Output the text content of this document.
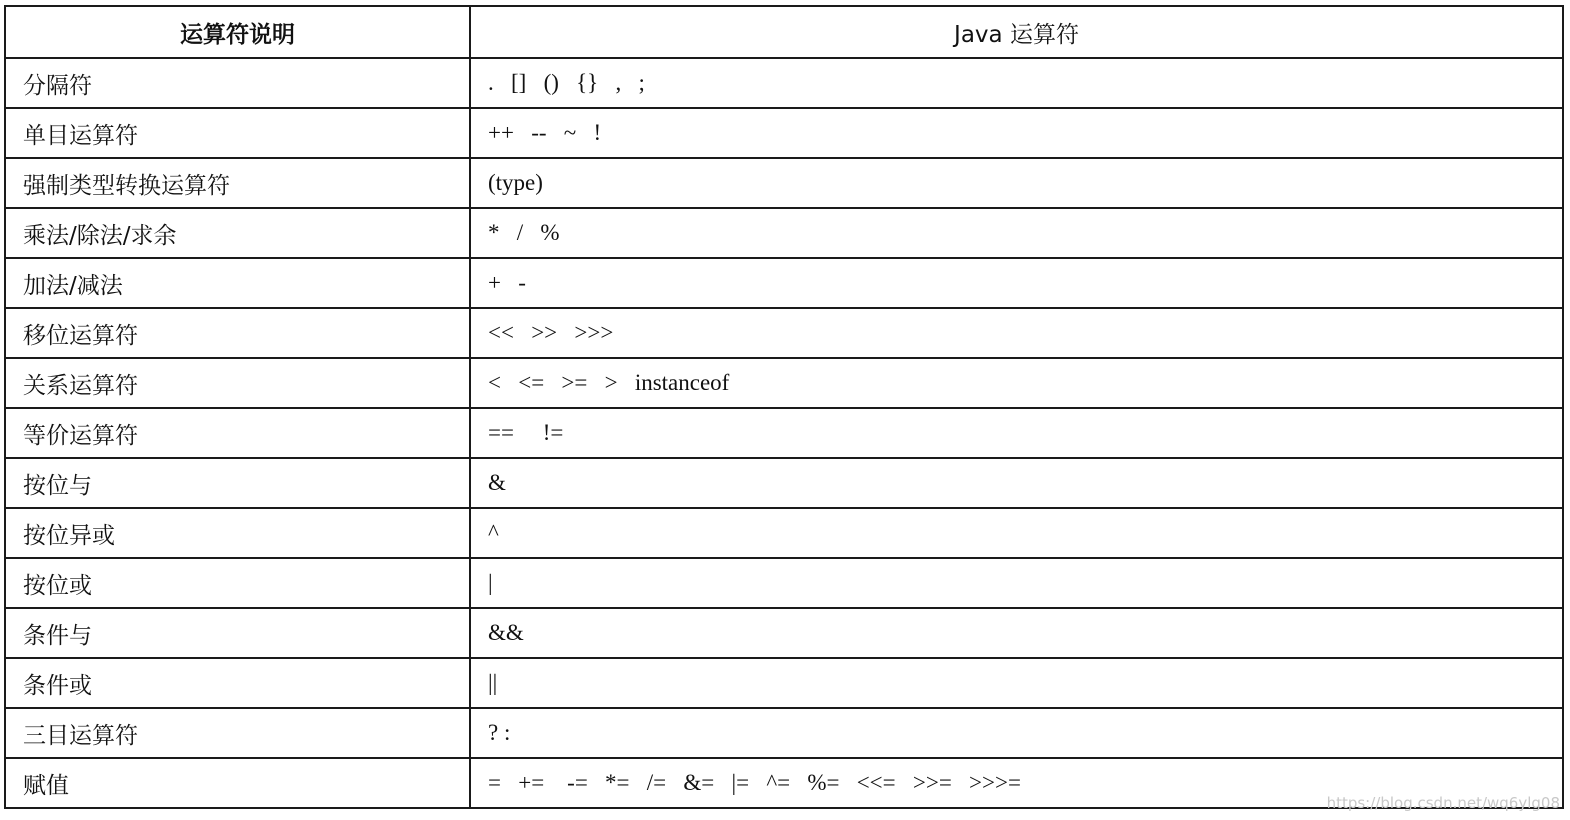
运算符说明	Java 运算符
分隔符	.   []   ()   {}   ,   ;
单目运算符	++   --   ~   !
强制类型转换运算符	(type)
乘法/除法/求余	*   /   %
加法/减法	+   -
移位运算符	<<   >>   >>>
关系运算符	<   <=   >=   >   instanceof
等价运算符	==     !=
按位与	&
按位异或	^
按位或	|
条件与	&&
条件或	||
三目运算符	? :
赋值	=   +=    -=   *=   /=   &=   |=   ^=   %=   <<=   >>=   >>>=
https://blog.csdn.net/wq6ylg08
